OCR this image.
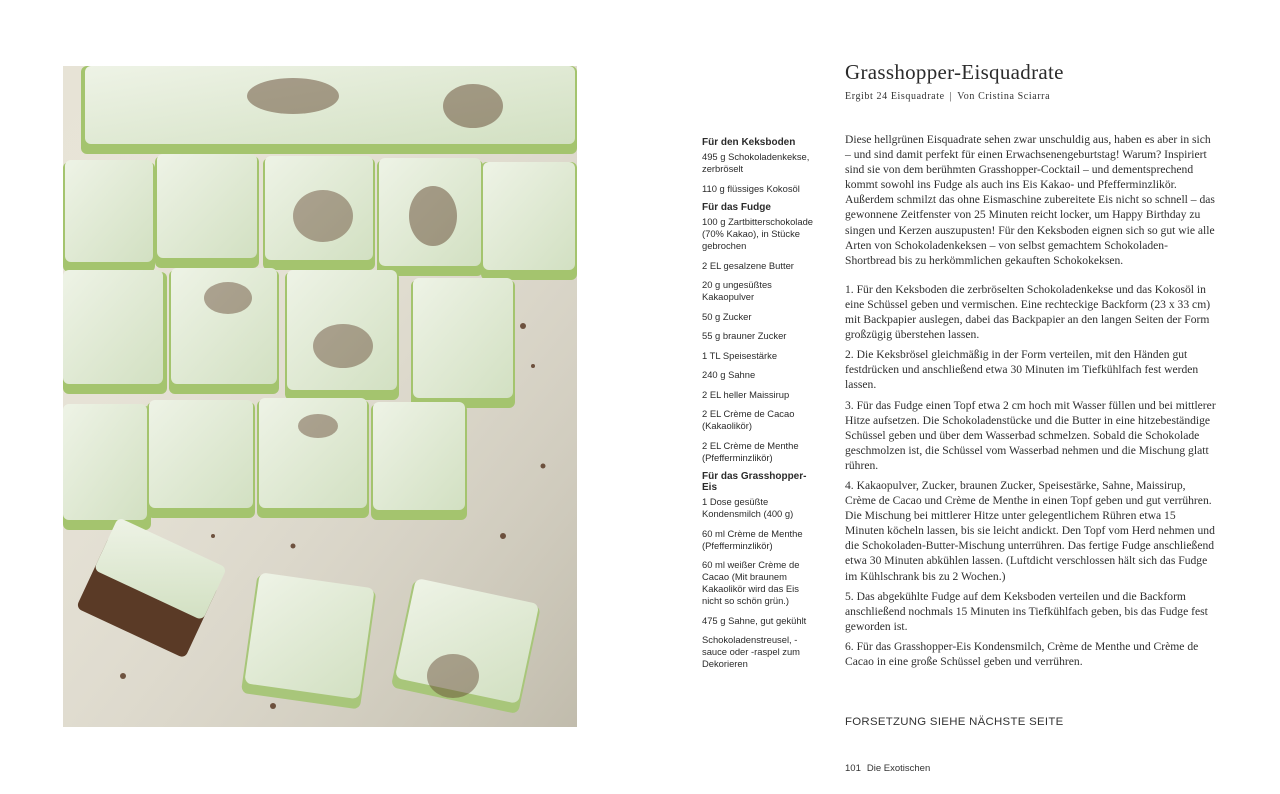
Grasshopper-Eisquadrate
Ergibt 24 Eisquadrate | Von Cristina Sciarra
Für den Keksboden
495 g Schokoladenkekse, zerbröselt
110 g flüssiges Kokosöl
Für das Fudge
100 g Zartbitterschokolade (70% Kakao), in Stücke gebrochen
2 EL gesalzene Butter
20 g ungesüßtes Kakaopulver
50 g Zucker
55 g brauner Zucker
1 TL Speisestärke
240 g Sahne
2 EL heller Maissirup
2 EL Crème de Cacao (Kakaolikör)
2 EL Crème de Menthe (Pfefferminzlikör)
Für das Grasshopper-Eis
1 Dose gesüßte Kondensmilch (400 g)
60 ml Crème de Menthe (Pfefferminzlikör)
60 ml weißer Crème de Cacao (Mit braunem Kakaolikör wird das Eis nicht so schön grün.)
475 g Sahne, gut gekühlt
Schokoladenstreusel, -sauce oder -raspel zum Dekorieren

Diese hellgrünen Eisquadrate sehen zwar unschuldig aus, haben es aber in sich – und sind damit perfekt für einen Erwachsenengeburtstag! Warum? Inspiriert sind sie von dem berühmten Grasshopper-Cocktail – und dementsprechend kommt sowohl ins Fudge als auch ins Eis Kakao- und Pfefferminzlikör. Außerdem schmilzt das ohne Eismaschine zubereitete Eis nicht so schnell – das gewonnene Zeitfenster von 25 Minuten reicht locker, um Happy Birthday zu singen und Kerzen auszupusten! Für den Keksboden eignen sich so gut wie alle Arten von Schokoladenkeksen – von selbst gemachtem Schokoladen-Shortbread bis zu herkömmlichen gekauften Schokokeksen.

1. Für den Keksboden die zerbröselten Schokoladenkekse und das Kokosöl in eine Schüssel geben und vermischen. Eine rechteckige Backform (23 x 33 cm) mit Backpapier auslegen, dabei das Backpapier an den langen Seiten der Form großzügig überstehen lassen.

2. Die Keksbrösel gleichmäßig in der Form verteilen, mit den Händen gut festdrücken und anschließend etwa 30 Minuten im Tiefkühlfach fest werden lassen.

3. Für das Fudge einen Topf etwa 2 cm hoch mit Wasser füllen und bei mittlerer Hitze aufsetzen. Die Schokoladenstücke und die Butter in eine hitzebeständige Schüssel geben und über dem Wasserbad schmelzen. Sobald die Schokolade geschmolzen ist, die Schüssel vom Wasserbad nehmen und die Mischung glatt rühren.

4. Kakaopulver, Zucker, braunen Zucker, Speisestärke, Sahne, Maissirup, Crème de Cacao und Crème de Menthe in einen Topf geben und gut verrühren. Die Mischung bei mittlerer Hitze unter gelegentlichem Rühren etwa 15 Minuten köcheln lassen, bis sie leicht andickt. Den Topf vom Herd nehmen und die Schokoladen-Butter-Mischung unterrühren. Das fertige Fudge anschließend etwa 30 Minuten abkühlen lassen. (Luftdicht verschlossen hält sich das Fudge im Kühlschrank bis zu 2 Wochen.)

5. Das abgekühlte Fudge auf dem Keksboden verteilen und die Backform anschließend nochmals 15 Minuten ins Tiefkühlfach geben, bis das Fudge fest geworden ist.

6. Für das Grasshopper-Eis Kondensmilch, Crème de Menthe und Crème de Cacao in eine große Schüssel geben und verrühren.

FORSETZUNG SIEHE NÄCHSTE SEITE
101 Die Exotischen
